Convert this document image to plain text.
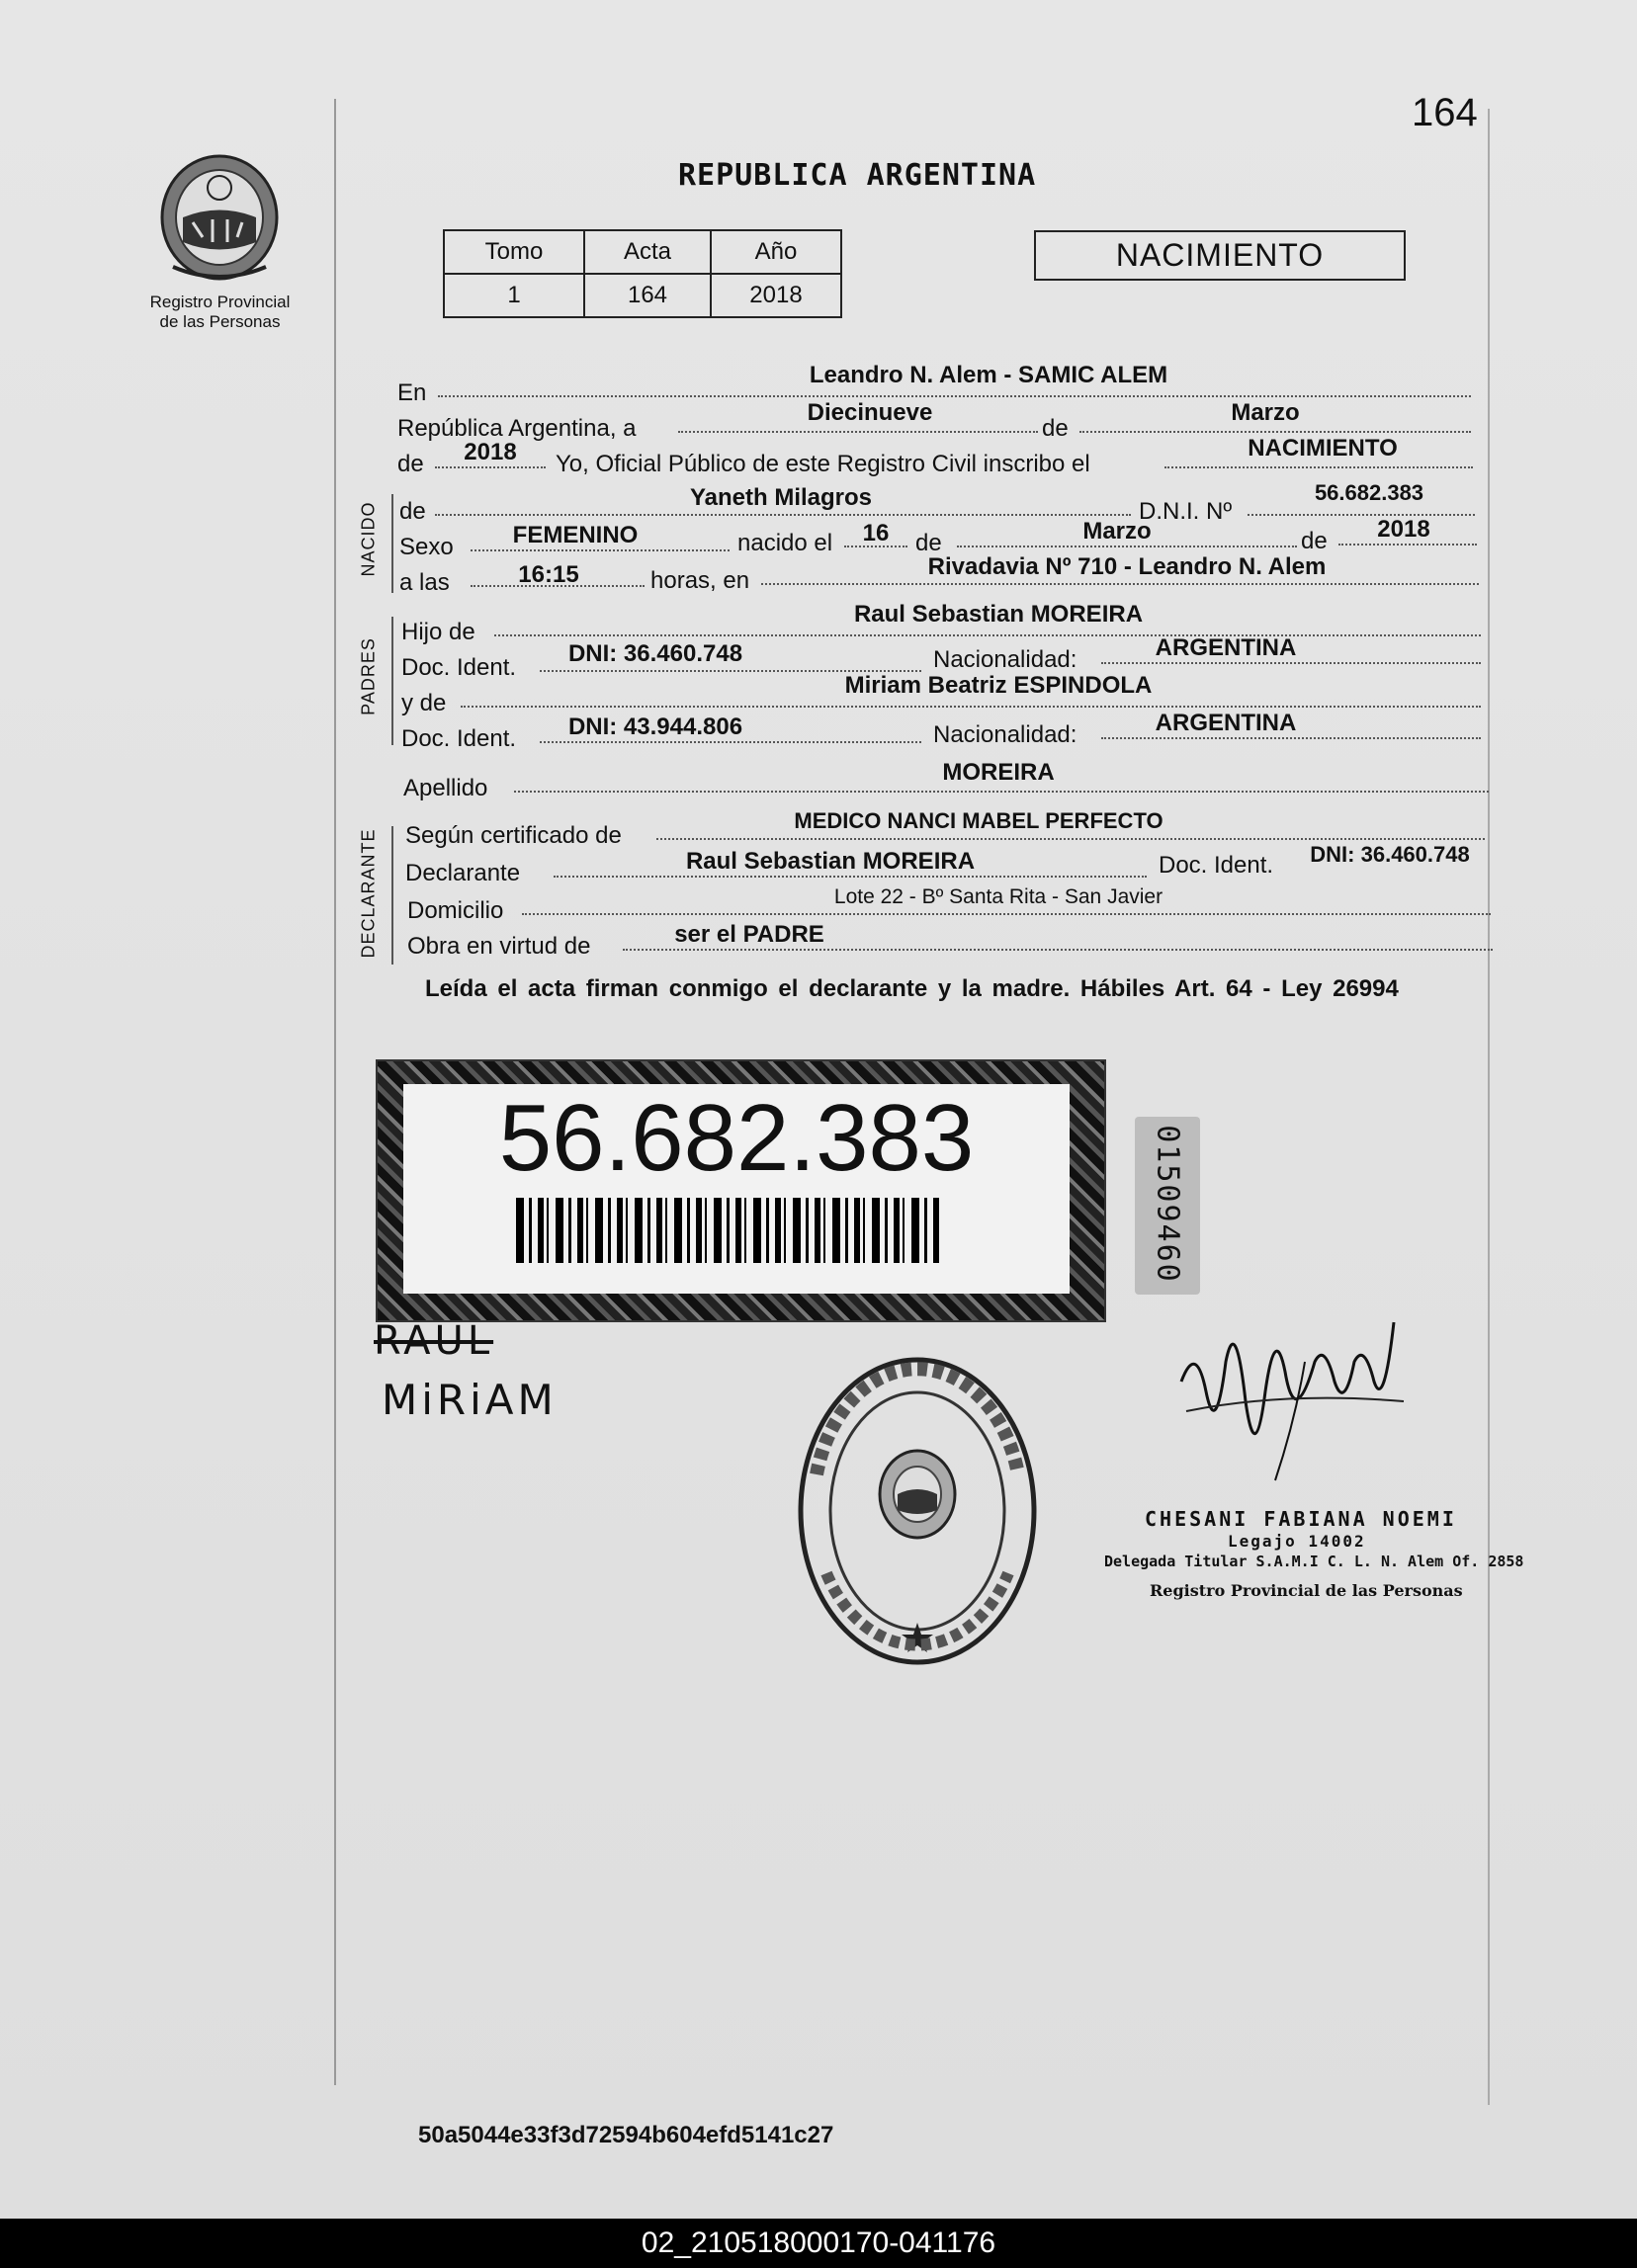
164
Registro Provincial
de las Personas
REPUBLICA ARGENTINA
Tomo	Acta	Año
1	164	2018
NACIMIENTO
En
Leandro N. Alem - SAMIC ALEM
República Argentina, a
Diecinueve
de
Marzo
de	2018	Yo, Oficial Público de este Registro Civil inscribo el
NACIMIENTO
NACIDO de
Yaneth Milagros
D.N.I. Nº
56.682.383
Sexo	FEMENINO	nacido el	16	de	Marzo	de	2018
a las	16:15	horas, en
Rivadavia Nº 710 - Leandro N. Alem
PADRES
Hijo de
Raul Sebastian MOREIRA
Doc. Ident.
DNI: 36.460.748	Nacionalidad:	ARGENTINA
y de
Miriam Beatriz ESPINDOLA
Doc. Ident.	DNI: 43.944.806	Nacionalidad:	ARGENTINA
Apellido
MOREIRA
DECLARANTE Según certificado de
MEDICO NANCI MABEL PERFECTO
Declarante	Raul Sebastian MOREIRA	Doc. Ident.	DNI: 36.460.748
Domicilio
Lote 22 - Bº Santa Rita - San Javier
Obra en virtud de	ser el PADRE
Leída el acta firman conmigo el declarante y la madre. Hábiles Art. 64 - Ley 26994
56.682.383	01509460
RAUL
MiRiAM
CHESANI FABIANA NOEMI
Legajo 14002
Delegada Titular S.A.M.I C. L. N. Alem Of. 2858
Registro Provincial de las Personas
50a5044e33f3d72594b604efd5141c27
02_210518000170-041176
